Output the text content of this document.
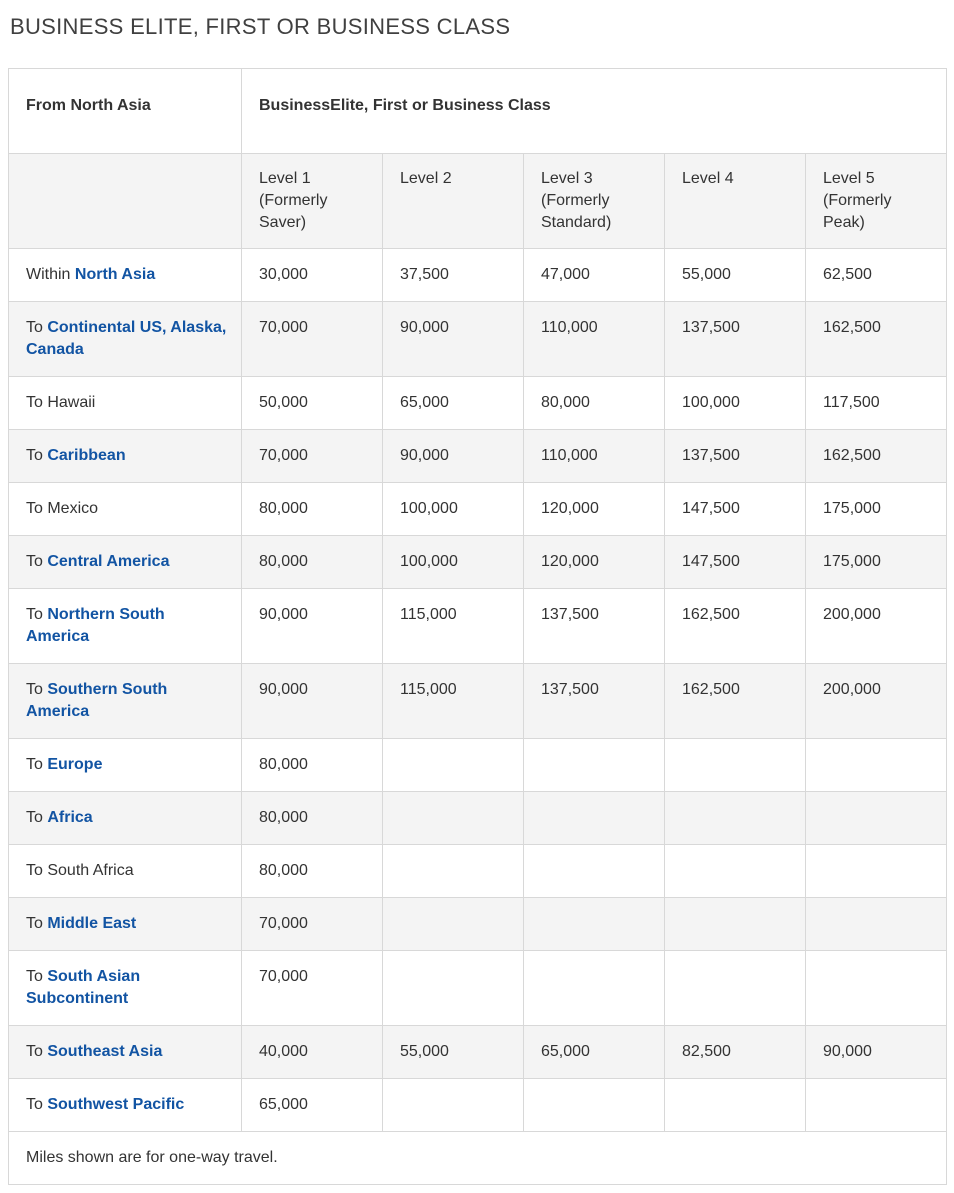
BUSINESS ELITE, FIRST OR BUSINESS CLASS
From North Asia	BusinessElite, First or Business Class				
	Level 1 (Formerly Saver)	Level 2	Level 3 (Formerly Standard)	Level 4	Level 5 (Formerly Peak)
Within North Asia	30,000	37,500	47,000	55,000	62,500
To Continental US, Alaska, Canada	70,000	90,000	110,000	137,500	162,500
To Hawaii	50,000	65,000	80,000	100,000	117,500
To Caribbean	70,000	90,000	110,000	137,500	162,500
To Mexico	80,000	100,000	120,000	147,500	175,000
To Central America	80,000	100,000	120,000	147,500	175,000
To Northern South America	90,000	115,000	137,500	162,500	200,000
To Southern South America	90,000	115,000	137,500	162,500	200,000
To Europe	80,000				
To Africa	80,000				
To South Africa	80,000				
To Middle East	70,000				
To South Asian Subcontinent	70,000				
To Southeast Asia	40,000	55,000	65,000	82,500	90,000
To Southwest Pacific	65,000				
Miles shown are for one-way travel.					
